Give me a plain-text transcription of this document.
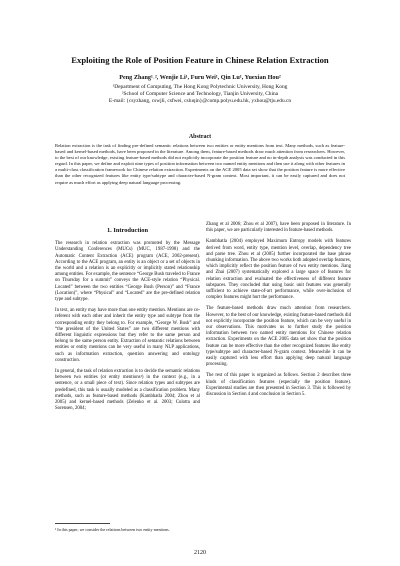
Exploiting the Role of Position Feature in Chinese Relation Extraction
Peng Zhang¹˒², Wenjie Li¹, Furu Wei¹, Qin Lu¹, Yuexian Hou²
¹Department of Computing, The Hong Kong Polytechnic University, Hong Kong
²School of Computer Science and Technology, Tianjin University, China
E-mail: {csyzhang, cswjli, csfwei, csluqin}@comp.polyu.edu.hk, yxhou@tju.edu.cn
Abstract
Relation extraction is the task of finding pre-defined semantic relations between two entities or entity mentions from text. Many methods, such as feature-based and kernel-based methods, have been proposed in the literature. Among them, feature-based methods draw much attention from researchers. However, to the best of our knowledge, existing feature-based methods did not explicitly incorporate the position feature and no in-depth analysis was conducted in this regard. In this paper, we define and exploit nine types of position information between two named entity mentions and then use it along with other features in a multi-class classification framework for Chinese relation extraction. Experiments on the ACE 2005 data set show that the position feature is more effective than the other recognized features like entity type/subtype and character-based N-gram context. Most important, it can be easily captured and does not require as much effort as applying deep natural language processing.
1. Introduction

The research in relation extraction was promoted by the Message Understanding Conferences (MUCs) (MUC, 1987-1998) and the Automatic Content Extraction (ACE) program (ACE, 2002-present). According to the ACE program, an entity is an object or a set of objects in the world and a relation is an explicitly or implicitly stated relationship among entities. For example, the sentence “George Bush traveled to France on Thursday for a summit” conveys the ACE-style relation “Physical. Located” between the two entities “George Bush (Person)” and “France (Location)”, where “Physical” and “Located” are the pre-defined relation type and subtype.

In text, an entity may have more than one entity mention. Mentions are co-referent with each other and inherit the entity type and subtype from the corresponding entity they belong to. For example, “George W. Bush” and “the president of the United States” are two different mentions with different linguistic expressions but they refer to the same person and belong to the same person entity. Extraction of semantic relations between entities or entity mentions can be very useful in many NLP applications, such as information extraction, question answering and ontology construction.

In general, the task of relation extraction is to decide the semantic relations between two entities (or entity mentions¹) in the context (e.g., in a sentence, or a small piece of text). Since relation types and subtypes are predefined, this task is usually modeled as a classification problem. Many methods, such as feature-based methods (Kambhatla 2004; Zhou et al 2005) and kernel-based methods (Zelenko et al. 2003; Culotta and Sorensen, 2004;

Zhang et al 2006; Zhou et al 2007), have been proposed in literature. In this paper, we are particularly interested in feature-based methods.

Kambhatla (2004) employed Maximum Entropy models with features derived from word, entity type, mention level, overlap, dependency tree and parse tree. Zhou et al (2005) further incorporated the base phrase chunking information. The above two works both adopted overlap features, which implicitly reflect the position feature of two entity mentions. Jiang and Zhai (2007) systematically explored a large space of features for relation extraction and evaluated the effectiveness of different feature subspaces. They concluded that using basic unit features was generally sufficient to achieve state-of-art performance, while over-inclusion of complex features might hurt the performance.

The feature-based methods draw much attention from researchers. However, to the best of our knowledge, existing feature-based methods did not explicitly incorporate the position feature, which can be very useful in our observations. This motivates us to further study the position information between two named entity mentions for Chinese relation extraction. Experiments on the ACE 2005 data set show that the position feature can be more effective than the other recognized features like entity type/subtype and character-based N-gram context. Meanwhile it can be easily captured with less effort than applying deep natural language processing.

The rest of this paper is organized as follows. Section 2 describes three kinds of classification features (especially the position feature). Experimental studies are then presented in Section 3. This is followed by discussion in Section 4 and conclusion in Section 5.

¹ In this paper, we consider the relations between two entity mentions.
2120
